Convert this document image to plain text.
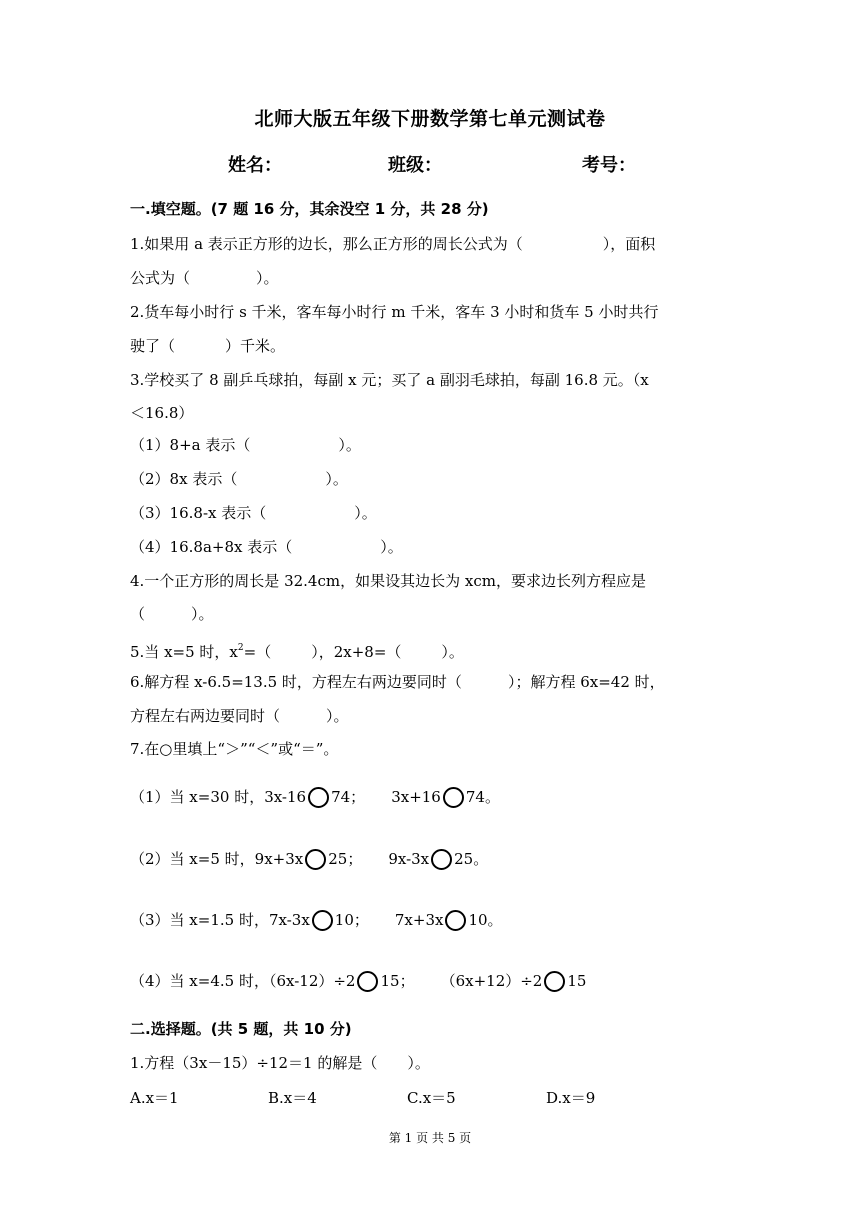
北师大版五年级下册数学第七单元测试卷
姓名：	班级：	考号：
一.填空题。(7 题 16 分，其余没空 1 分，共 28 分)
1.如果用 a 表示正方形的边长，那么正方形的周长公式为（	），面积
公式为（	）。
2.货车每小时行 s 千米，客车每小时行 m 千米，客车 3 小时和货车 5 小时共行
驶了（	）千米。
3.学校买了 8 副乒乓球拍，每副 x 元；买了 a 副羽毛球拍，每副 16.8 元。（x
＜16.8）
（1）8+a 表示（	）。
（2）8x 表示（	）。
（3）16.8-x 表示（	）。
（4）16.8a+8x 表示（	）。
4.一个正方形的周长是 32.4cm，如果设其边长为 xcm，要求边长列方程应是
（	）。
5.当 x=5 时，$x^2=$（	），2x+8=（	）。
6.解方程 x-6.5=13.5 时，方程左右两边要同时（	）；解方程 6x=42 时，
方程左右两边要同时（	）。
7.在○里填上“＞”“＜”或“＝”。
（1）当 x=30 时，3x-16 74； 3x+16 74。
（2）当 x=5 时，9x+3x 25； 9x-3x 25。
（3）当 x=1.5 时，7x-3x 10； 7x+3x 10。
（4）当 x=4.5 时，（6x-12）÷2 15； （6x+12）÷2 15
二.选择题。(共 5 题，共 10 分)
1.方程（3x－15）÷12＝1 的解是（　　）。
A.x＝1	B.x＝4	C.x＝5	D.x＝9
第 1 页 共 5 页
